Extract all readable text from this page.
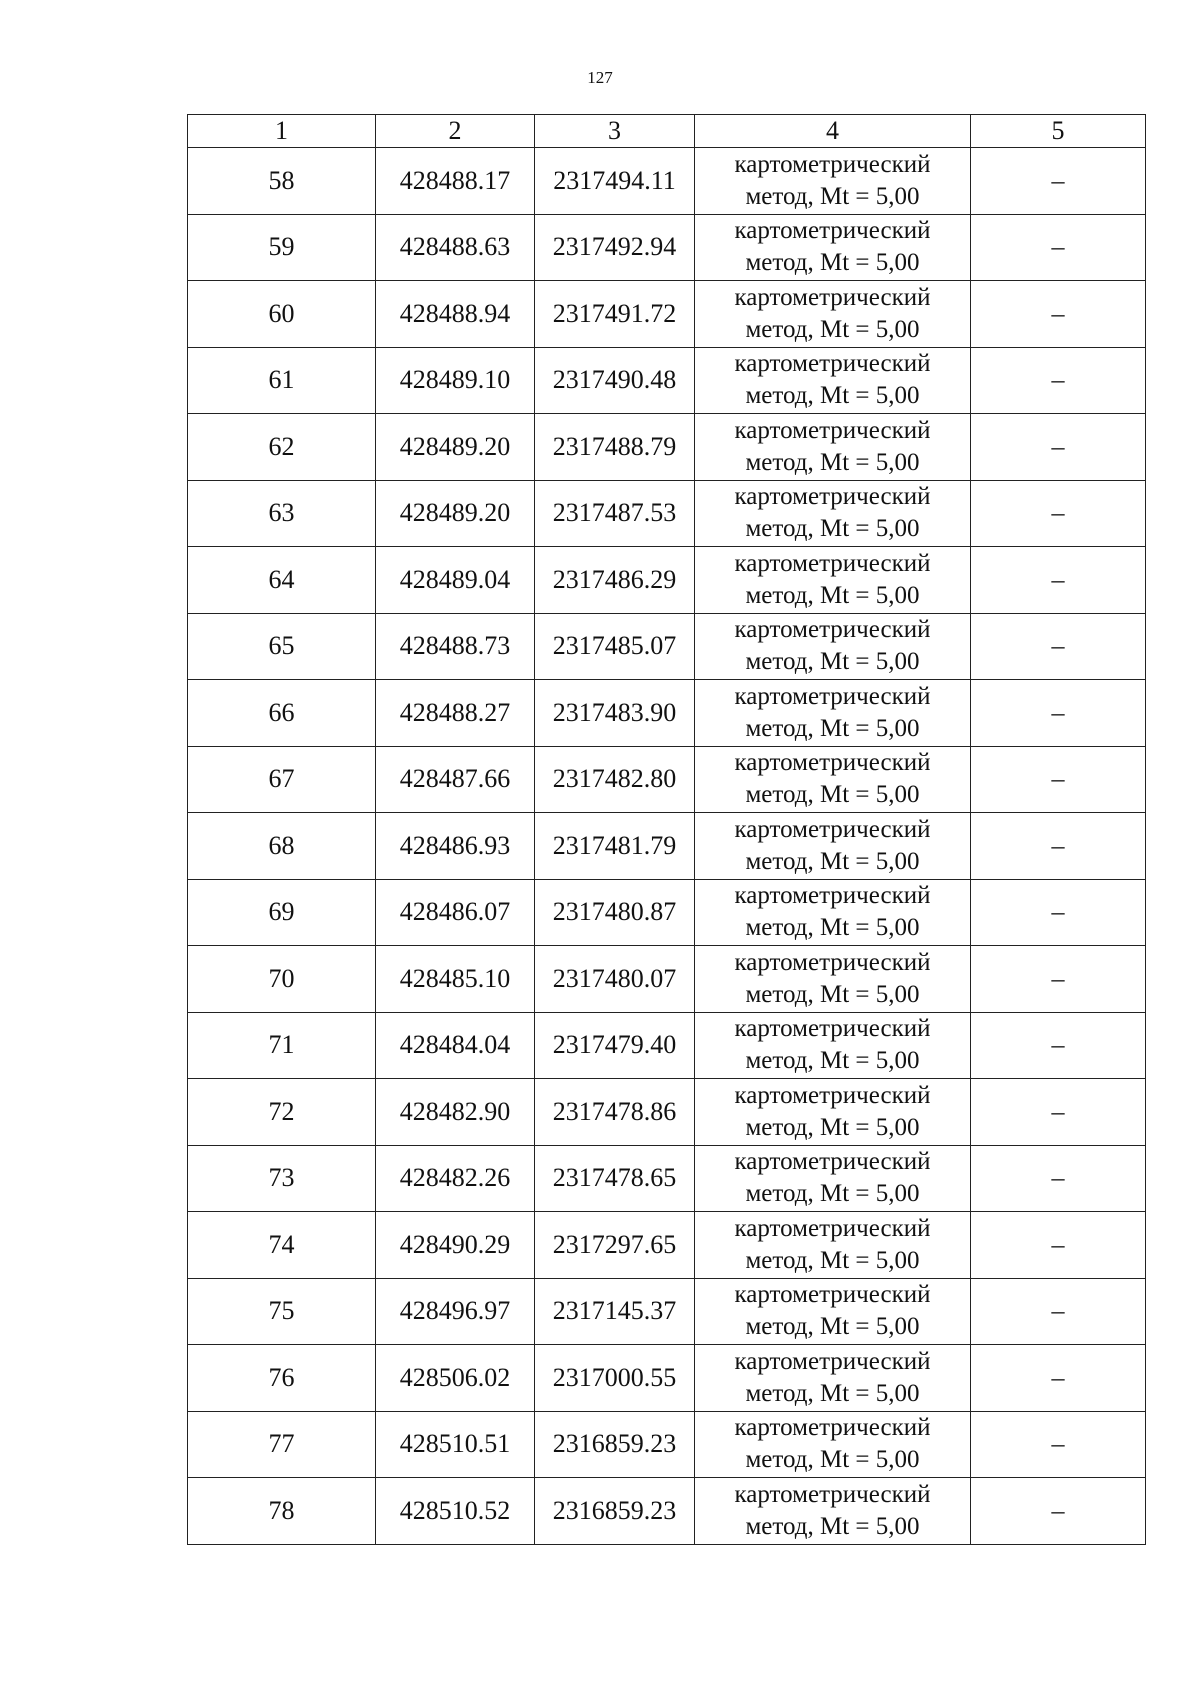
127
1	2	3	4	5
58	428488.17	2317494.11	картометрический
метод, Mt = 5,00	–
59	428488.63	2317492.94	картометрический
метод, Mt = 5,00	–
60	428488.94	2317491.72	картометрический
метод, Mt = 5,00	–
61	428489.10	2317490.48	картометрический
метод, Mt = 5,00	–
62	428489.20	2317488.79	картометрический
метод, Mt = 5,00	–
63	428489.20	2317487.53	картометрический
метод, Mt = 5,00	–
64	428489.04	2317486.29	картометрический
метод, Mt = 5,00	–
65	428488.73	2317485.07	картометрический
метод, Mt = 5,00	–
66	428488.27	2317483.90	картометрический
метод, Mt = 5,00	–
67	428487.66	2317482.80	картометрический
метод, Mt = 5,00	–
68	428486.93	2317481.79	картометрический
метод, Mt = 5,00	–
69	428486.07	2317480.87	картометрический
метод, Mt = 5,00	–
70	428485.10	2317480.07	картометрический
метод, Mt = 5,00	–
71	428484.04	2317479.40	картометрический
метод, Mt = 5,00	–
72	428482.90	2317478.86	картометрический
метод, Mt = 5,00	–
73	428482.26	2317478.65	картометрический
метод, Mt = 5,00	–
74	428490.29	2317297.65	картометрический
метод, Mt = 5,00	–
75	428496.97	2317145.37	картометрический
метод, Mt = 5,00	–
76	428506.02	2317000.55	картометрический
метод, Mt = 5,00	–
77	428510.51	2316859.23	картометрический
метод, Mt = 5,00	–
78	428510.52	2316859.23	картометрический
метод, Mt = 5,00	–
